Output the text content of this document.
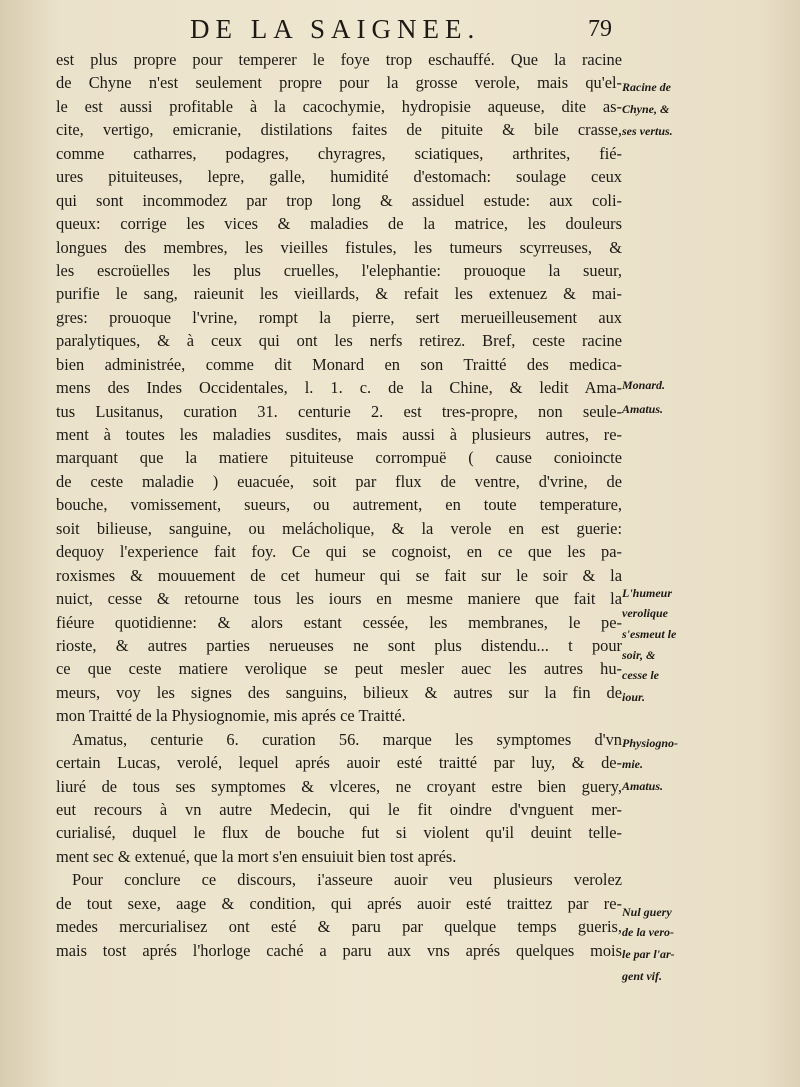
DE LA SAIGNEE.	79
est plus propre pour temperer le foye trop eschauffé. Que la racine
de Chyne n'est seulement propre pour la grosse verole, mais qu'el-
le est aussi profitable à la cacochymie, hydropisie aqueuse, dite as-
cite, vertigo, emicranie, distilations faites de pituite & bile crasse,
comme catharres, podagres, chyragres, sciatiques, arthrites, fié-
ures pituiteuses, lepre, galle, humidité d'estomach: soulage ceux
qui sont incommodez par trop long & assiduel estude: aux coli-
queux: corrige les vices & maladies de la matrice, les douleurs
longues des membres, les vieilles fistules, les tumeurs scyrreuses, &
les escroüelles les plus cruelles, l'elephantie: prouoque la sueur,
purifie le sang, raieunit les vieillards, & refait les extenuez & mai-
gres: prouoque l'vrine, rompt la pierre, sert merueilleusement aux
paralytiques, & à ceux qui ont les nerfs retirez. Bref, ceste racine
bien administrée, comme dit Monard en son Traitté des medica-
mens des Indes Occidentales, l. 1. c. de la Chine, & ledit Ama-
tus Lusitanus, curation 31. centurie 2. est tres-propre, non seule-
ment à toutes les maladies susdites, mais aussi à plusieurs autres, re-
marquant que la matiere pituiteuse corrompuë ( cause conioincte
de ceste maladie ) euacuée, soit par flux de ventre, d'vrine, de
bouche, vomissement, sueurs, ou autrement, en toute temperature,
soit bilieuse, sanguine, ou melácholique, & la verole en est guerie:
dequoy l'experience fait foy. Ce qui se cognoist, en ce que les pa-
roxismes & mouuement de cet humeur qui se fait sur le soir & la
nuict, cesse & retourne tous les iours en mesme maniere que fait la
fiéure quotidienne: & alors estant cessée, les membranes, le pe-
rioste, & autres parties nerueuses ne sont plus distendu... t pour
ce que ceste matiere verolique se peut mesler auec les autres hu-
meurs, voy les signes des sanguins, bilieux & autres sur la fin de
mon Traitté de la Physiognomie, mis aprés ce Traitté.
Amatus, centurie 6. curation 56. marque les symptomes d'vn
certain Lucas, verolé, lequel aprés auoir esté traitté par luy, & de-
liuré de tous ses symptomes & vlceres, ne croyant estre bien guery,
eut recours à vn autre Medecin, qui le fit oindre d'vnguent mer-
curialisé, duquel le flux de bouche fut si violent qu'il deuint telle-
ment sec & extenué, que la mort s'en ensuiuit bien tost aprés.
Pour conclure ce discours, i'asseure auoir veu plusieurs verolez
de tout sexe, aage & condition, qui aprés auoir esté traittez par re-
medes mercurialisez ont esté & paru par quelque temps gueris,
mais tost aprés l'horloge caché a paru aux vns aprés quelques mois
Racine de
Chyne, &
ses vertus.
Monard.
Amatus.
L'humeur
verolique
s'esmeut le
soir, &
cesse le
iour.
Physiogno-
mie.
Amatus.
Nul guery
de la vero-
le par l'ar-
gent vif.
